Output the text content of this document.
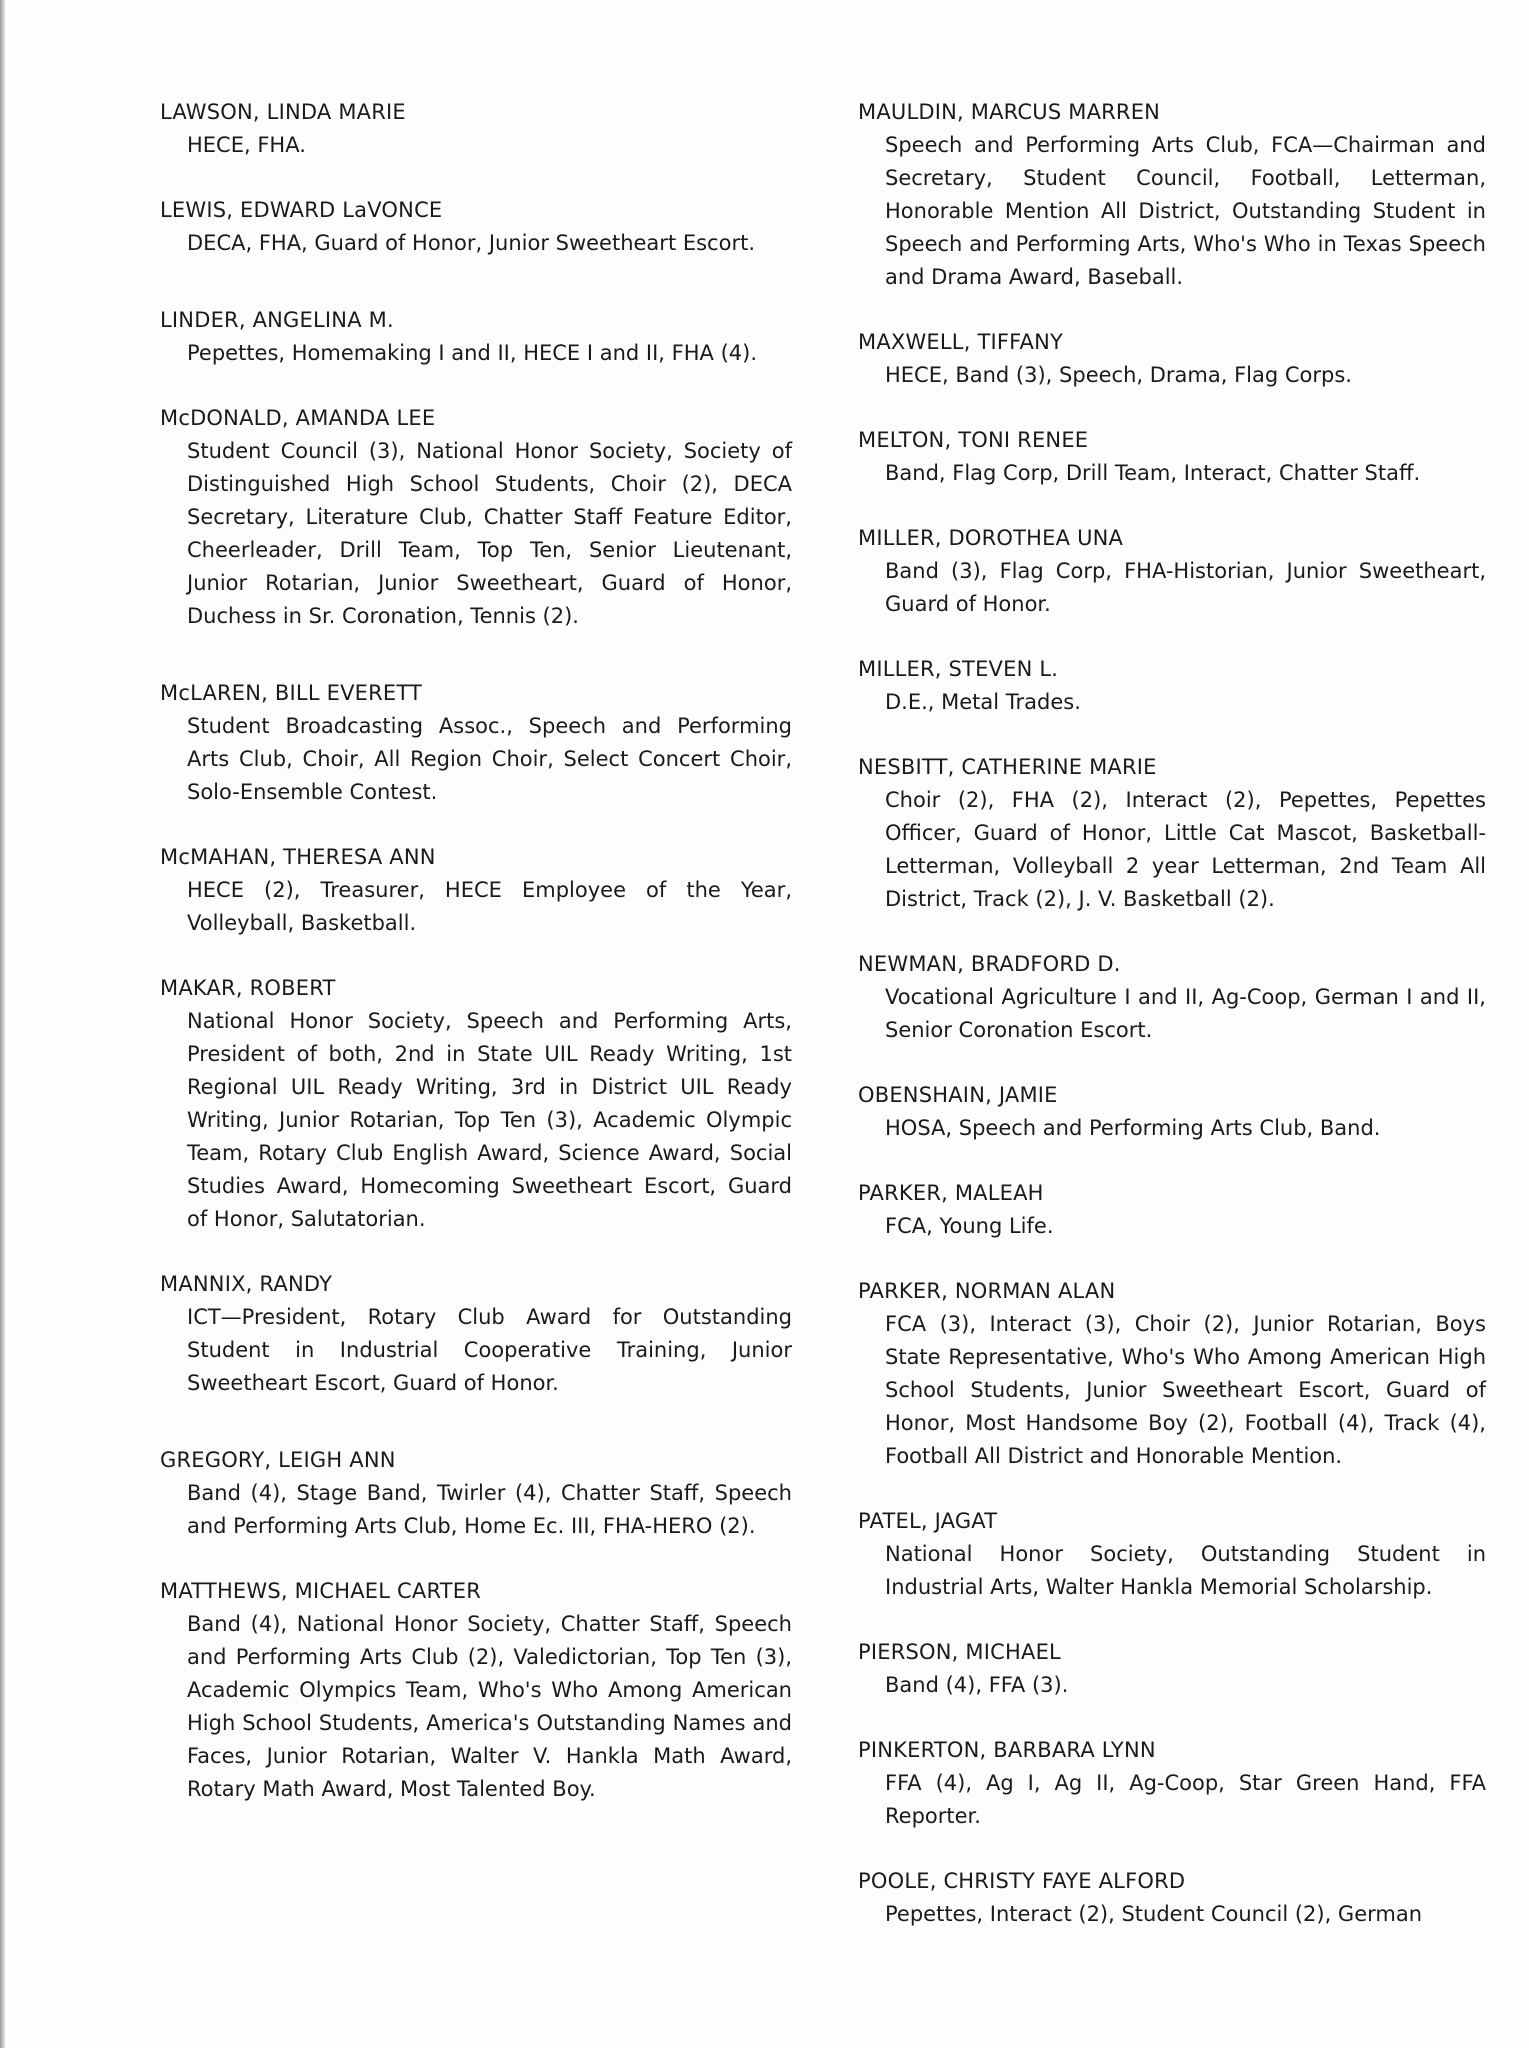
LAWSON, LINDA MARIE
HECE, FHA.
LEWIS, EDWARD LaVONCE
DECA, FHA, Guard of Honor, Junior Sweetheart Escort.
LINDER, ANGELINA M.
Pepettes, Homemaking I and II, HECE I and II, FHA (4).
McDONALD, AMANDA LEE
Student Council (3), National Honor Society, Society of Distinguished High School Students, Choir (2), DECA Secretary, Literature Club, Chatter Staff Feature Editor, Cheerleader, Drill Team, Top Ten, Senior Lieutenant, Junior Rotarian, Junior Sweetheart, Guard of Honor, Duchess in Sr. Coronation, Tennis (2).
McLAREN, BILL EVERETT
Student Broadcasting Assoc., Speech and Performing Arts Club, Choir, All Region Choir, Select Concert Choir, Solo-Ensemble Contest.
McMAHAN, THERESA ANN
HECE (2), Treasurer, HECE Employee of the Year, Volleyball, Basketball.
MAKAR, ROBERT
National Honor Society, Speech and Performing Arts, President of both, 2nd in State UIL Ready Writing, 1st Regional UIL Ready Writing, 3rd in District UIL Ready Writing, Junior Rotarian, Top Ten (3), Academic Olympic Team, Rotary Club English Award, Science Award, Social Studies Award, Homecoming Sweetheart Escort, Guard of Honor, Salutatorian.
MANNIX, RANDY
ICT—President, Rotary Club Award for Outstanding Student in Industrial Cooperative Training, Junior Sweetheart Escort, Guard of Honor.
GREGORY, LEIGH ANN
Band (4), Stage Band, Twirler (4), Chatter Staff, Speech and Performing Arts Club, Home Ec. III, FHA-HERO (2).
MATTHEWS, MICHAEL CARTER
Band (4), National Honor Society, Chatter Staff, Speech and Performing Arts Club (2), Valedictorian, Top Ten (3), Academic Olympics Team, Who's Who Among American High School Students, America's Outstanding Names and Faces, Junior Rotarian, Walter V. Hankla Math Award, Rotary Math Award, Most Talented Boy.
MAULDIN, MARCUS MARREN
Speech and Performing Arts Club, FCA—Chairman and Secretary, Student Council, Football, Letterman, Honorable Mention All District, Outstanding Student in Speech and Performing Arts, Who's Who in Texas Speech and Drama Award, Baseball.
MAXWELL, TIFFANY
HECE, Band (3), Speech, Drama, Flag Corps.
MELTON, TONI RENEE
Band, Flag Corp, Drill Team, Interact, Chatter Staff.
MILLER, DOROTHEA UNA
Band (3), Flag Corp, FHA-Historian, Junior Sweetheart, Guard of Honor.
MILLER, STEVEN L.
D.E., Metal Trades.
NESBITT, CATHERINE MARIE
Choir (2), FHA (2), Interact (2), Pepettes, Pepettes Officer, Guard of Honor, Little Cat Mascot, Basketball-Letterman, Volleyball 2 year Letterman, 2nd Team All District, Track (2), J. V. Basketball (2).
NEWMAN, BRADFORD D.
Vocational Agriculture I and II, Ag-Coop, German I and II, Senior Coronation Escort.
OBENSHAIN, JAMIE
HOSA, Speech and Performing Arts Club, Band.
PARKER, MALEAH
FCA, Young Life.
PARKER, NORMAN ALAN
FCA (3), Interact (3), Choir (2), Junior Rotarian, Boys State Representative, Who's Who Among American High School Students, Junior Sweetheart Escort, Guard of Honor, Most Handsome Boy (2), Football (4), Track (4), Football All District and Honorable Mention.
PATEL, JAGAT
National Honor Society, Outstanding Student in Industrial Arts, Walter Hankla Memorial Scholarship.
PIERSON, MICHAEL
Band (4), FFA (3).
PINKERTON, BARBARA LYNN
FFA (4), Ag I, Ag II, Ag-Coop, Star Green Hand, FFA Reporter.
POOLE, CHRISTY FAYE ALFORD
Pepettes, Interact (2), Student Council (2), German
